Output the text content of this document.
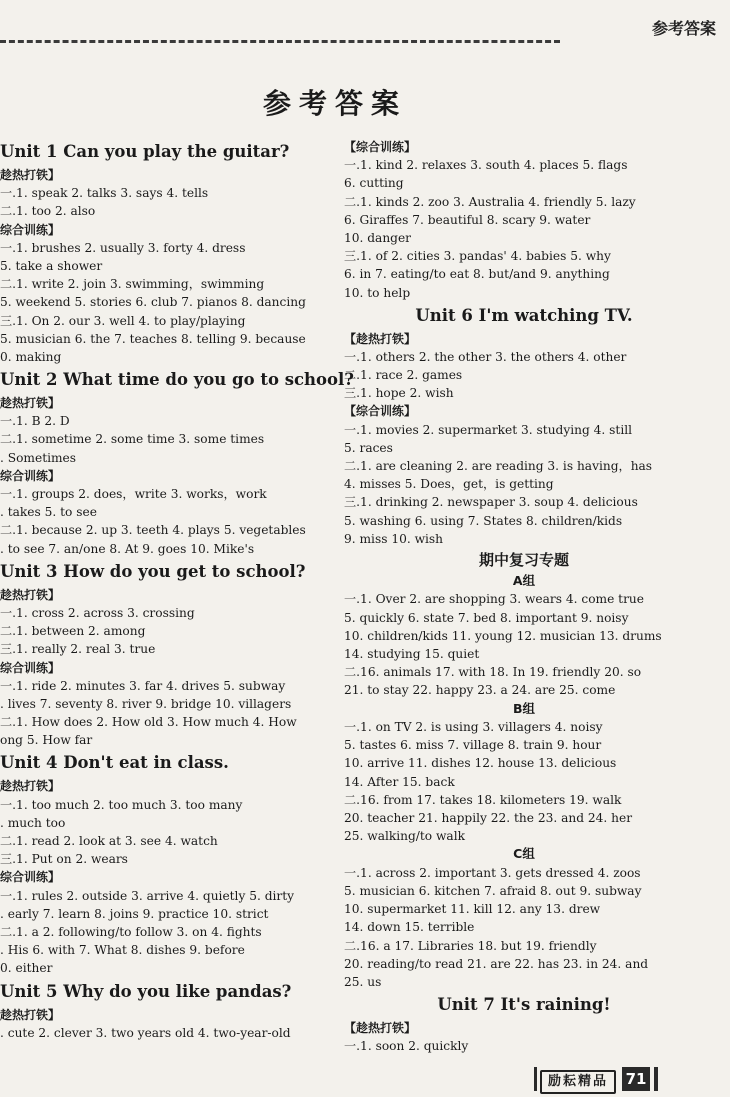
参考答案
参考答案
Unit 1 Can you play the guitar?
趁热打铁】
一.1. speak 2. talks 3. says 4. tells
二.1. too 2. also
综合训练】
一.1. brushes 2. usually 3. forty 4. dress
5. take a shower
二.1. write 2. join 3. swimming，swimming
5. weekend 5. stories 6. club 7. pianos 8. dancing
三.1. On 2. our 3. well 4. to play/playing
5. musician 6. the 7. teaches 8. telling 9. because
0. making
Unit 2 What time do you go to school?
趁热打铁】
一.1. B 2. D
二.1. sometime 2. some time 3. some times
. Sometimes
综合训练】
一.1. groups 2. does，write 3. works，work
. takes 5. to see
二.1. because 2. up 3. teeth 4. plays 5. vegetables
. to see 7. an/one 8. At 9. goes 10. Mike's
Unit 3 How do you get to school?
趁热打铁】
一.1. cross 2. across 3. crossing
二.1. between 2. among
三.1. really 2. real 3. true
综合训练】
一.1. ride 2. minutes 3. far 4. drives 5. subway
. lives 7. seventy 8. river 9. bridge 10. villagers
二.1. How does 2. How old 3. How much 4. How
ong 5. How far
Unit 4 Don't eat in class.
趁热打铁】
一.1. too much 2. too much 3. too many
. much too
二.1. read 2. look at 3. see 4. watch
三.1. Put on 2. wears
综合训练】
一.1. rules 2. outside 3. arrive 4. quietly 5. dirty
. early 7. learn 8. joins 9. practice 10. strict
二.1. a 2. following/to follow 3. on 4. fights
. His 6. with 7. What 8. dishes 9. before
0. either
Unit 5 Why do you like pandas?
趁热打铁】
. cute 2. clever 3. two years old 4. two-year-old
【综合训练】
一.1. kind 2. relaxes 3. south 4. places 5. flags
6. cutting
二.1. kinds 2. zoo 3. Australia 4. friendly 5. lazy
6. Giraffes 7. beautiful 8. scary 9. water
10. danger
三.1. of 2. cities 3. pandas' 4. babies 5. why
6. in 7. eating/to eat 8. but/and 9. anything
10. to help
Unit 6 I'm watching TV.
【趁热打铁】
一.1. others 2. the other 3. the others 4. other
二.1. race 2. games
三.1. hope 2. wish
【综合训练】
一.1. movies 2. supermarket 3. studying 4. still
5. races
二.1. are cleaning 2. are reading 3. is having，has
4. misses 5. Does，get，is getting
三.1. drinking 2. newspaper 3. soup 4. delicious
5. washing 6. using 7. States 8. children/kids
9. miss 10. wish
期中复习专题
A组
一.1. Over 2. are shopping 3. wears 4. come true
5. quickly 6. state 7. bed 8. important 9. noisy
10. children/kids 11. young 12. musician 13. drums
14. studying 15. quiet
二.16. animals 17. with 18. In 19. friendly 20. so
21. to stay 22. happy 23. a 24. are 25. come
B组
一.1. on TV 2. is using 3. villagers 4. noisy
5. tastes 6. miss 7. village 8. train 9. hour
10. arrive 11. dishes 12. house 13. delicious
14. After 15. back
二.16. from 17. takes 18. kilometers 19. walk
20. teacher 21. happily 22. the 23. and 24. her
25. walking/to walk
C组
一.1. across 2. important 3. gets dressed 4. zoos
5. musician 6. kitchen 7. afraid 8. out 9. subway
10. supermarket 11. kill 12. any 13. drew
14. down 15. terrible
二.16. a 17. Libraries 18. but 19. friendly
20. reading/to read 21. are 22. has 23. in 24. and
25. us
Unit 7 It's raining!
【趁热打铁】
一.1. soon 2. quickly
励耘精品	71
